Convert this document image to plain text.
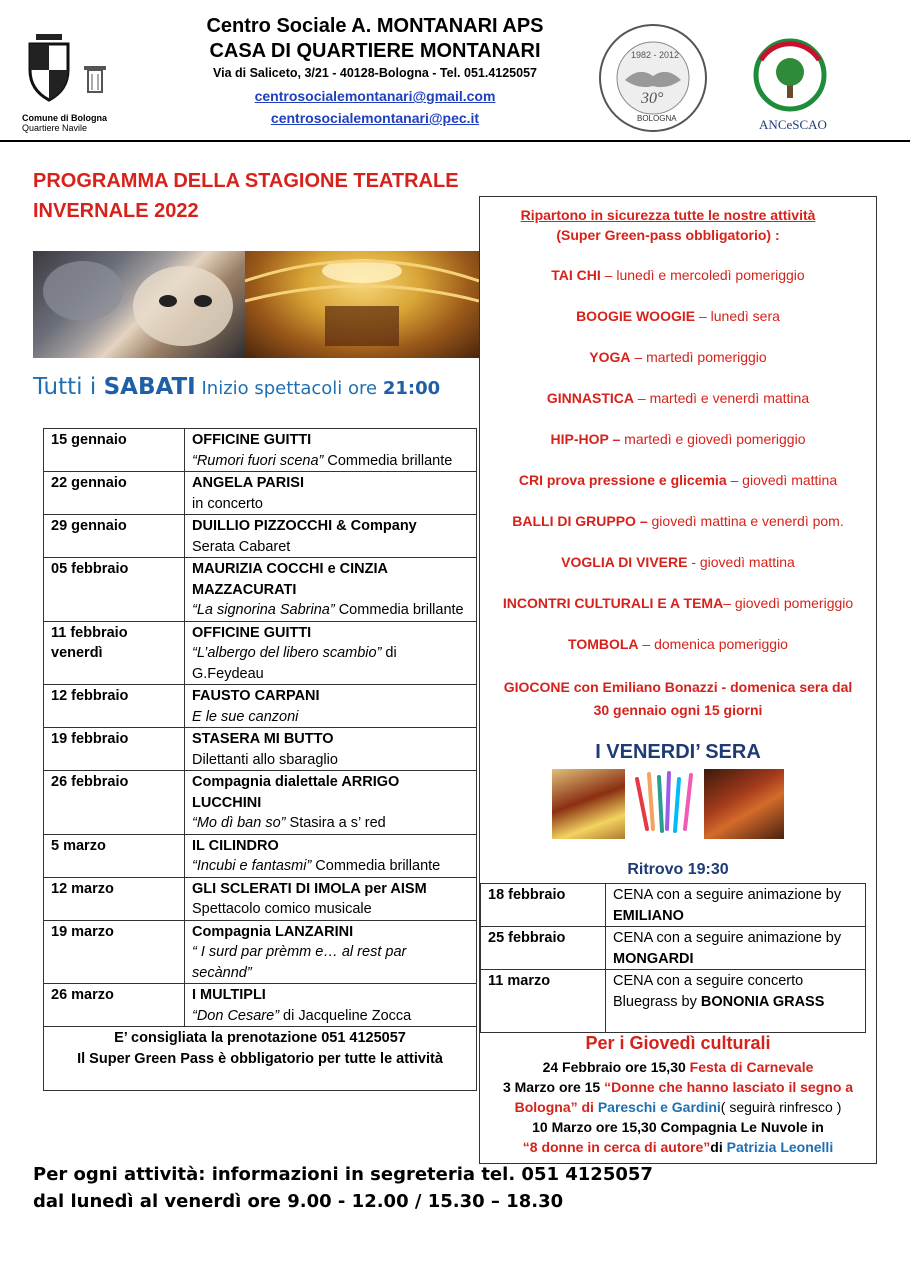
Comune di Bologna
Quartiere Navile
Centro Sociale A. MONTANARI APS
CASA DI QUARTIERE MONTANARI
Via di Saliceto, 3/21 - 40128-Bologna - Tel. 051.4125057
centrosocialemontanari@gmail.com
centrosocialemontanari@pec.it
1982 - 2012
30°
BOLOGNA	ANCeSCAO
PROGRAMMA DELLA STAGIONE TEATRALE
INVERNALE 2022
Tutti i SABATI Inizio spettacoli ore 21:00
15 gennaio	OFFICINE GUITTI
“Rumori fuori scena” Commedia brillante
22 gennaio	ANGELA PARISI
in concerto
29 gennaio	DUILLIO PIZZOCCHI & Company
Serata Cabaret
05 febbraio	MAURIZIA COCCHI e CINZIA MAZZACURATI
“La signorina Sabrina” Commedia brillante
11 febbraio
venerdì	OFFICINE GUITTI
“L’albergo del libero scambio” di G.Feydeau
12 febbraio	FAUSTO CARPANI
E le sue canzoni
19 febbraio	STASERA MI BUTTO
Dilettanti allo sbaraglio
26 febbraio	Compagnia dialettale ARRIGO LUCCHINI
“Mo dì ban so” Stasira a s’ red
5 marzo	IL CILINDRO
“Incubi e fantasmi” Commedia brillante
12 marzo	GLI SCLERATI DI IMOLA per AISM
Spettacolo comico musicale
19 marzo	Compagnia LANZARINI
“ I surd par prèmm e… al rest par secànnd”
26 marzo	I MULTIPLI
“Don Cesare” di Jacqueline Zocca

E’ consigliata la prenotazione 051 4125057
Il Super Green Pass è obbligatorio per tutte le attività	
Ripartono in sicurezza tutte le nostre attività
(Super Green-pass obbligatorio) :
TAI CHI – lunedì e mercoledì pomeriggio
BOOGIE WOOGIE – lunedì sera
YOGA – martedì pomeriggio
GINNASTICA – martedì e venerdì mattina
HIP-HOP – martedì e giovedì pomeriggio
CRI prova pressione e glicemia – giovedì mattina
BALLI DI GRUPPO – giovedì mattina e venerdì pom.
VOGLIA DI VIVERE - giovedì mattina
INCONTRI CULTURALI E A TEMA– giovedì pomeriggio
TOMBOLA – domenica pomeriggio
GIOCONE con Emiliano Bonazzi - domenica sera dal
30 gennaio ogni 15 giorni
I VENERDI’ SERA
Ritrovo 19:30
18 febbraio	CENA con a seguire animazione by EMILIANO
25 febbraio	CENA con a seguire animazione by MONGARDI
11 marzo	CENA con a seguire concerto Bluegrass by BONONIA GRASS
Per i Giovedì culturali
24 Febbraio ore 15,30 Festa di Carnevale
3 Marzo ore 15 “Donne che hanno lasciato il segno a
Bologna” di Pareschi e Gardini( seguirà rinfresco )
10 Marzo ore 15,30 Compagnia Le Nuvole in
“8 donne in cerca di autore”di Patrizia Leonelli
Per ogni attività: informazioni in segreteria tel. 051 4125057
dal lunedì al venerdì ore 9.00 - 12.00 / 15.30 – 18.30
